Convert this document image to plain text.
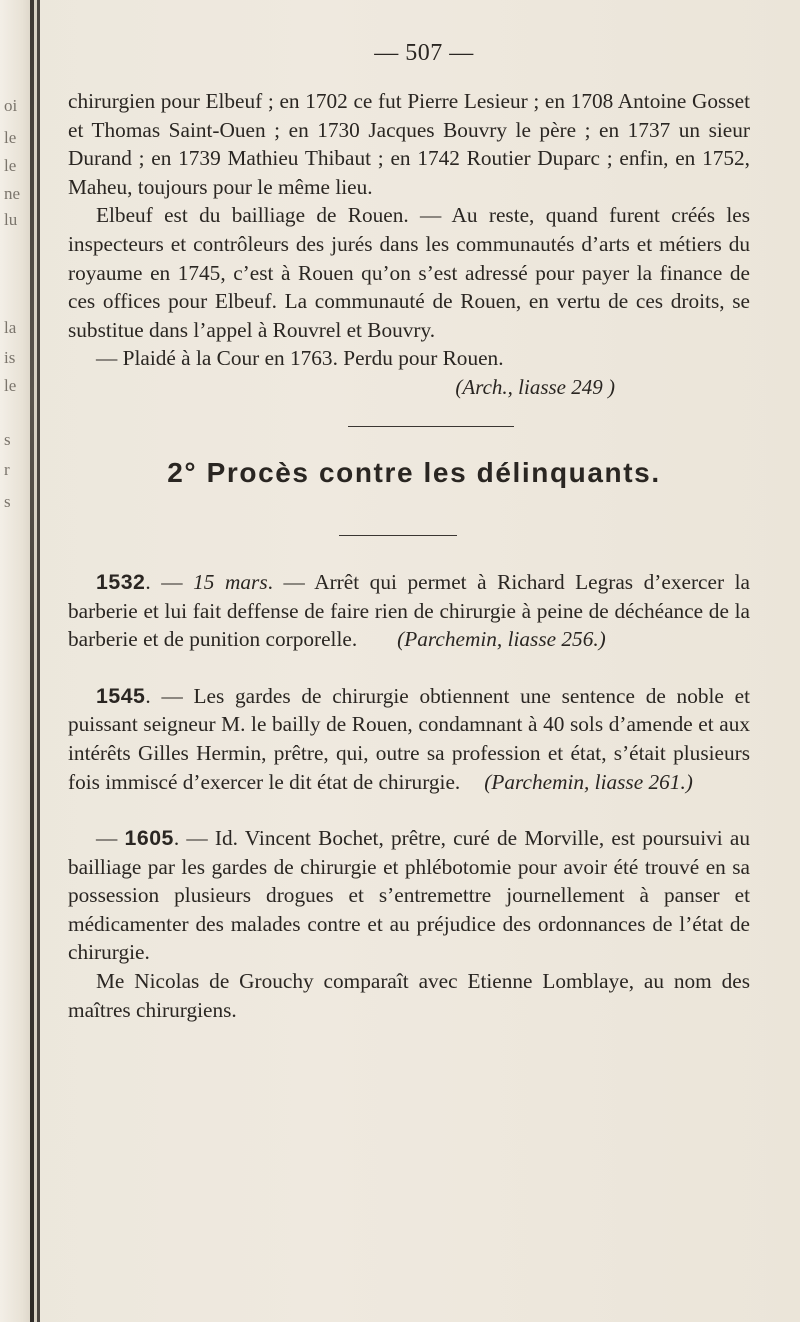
oi
le
le
ne
lu
la
is
le
s
r
s
— 507 —

chirurgien pour Elbeuf ; en 1702 ce fut Pierre Lesieur ; en 1708 Antoine Gosset et Thomas Saint-Ouen ; en 1730 Jacques Bouvry le père ; en 1737 un sieur Durand ; en 1739 Mathieu Thibaut ; en 1742 Routier Duparc ; enfin, en 1752, Maheu, toujours pour le même lieu.

Elbeuf est du bailliage de Rouen. — Au reste, quand furent créés les inspecteurs et contrôleurs des jurés dans les communautés d’arts et métiers du royaume en 1745, c’est à Rouen qu’on s’est adressé pour payer la finance de ces offices pour Elbeuf. La communauté de Rouen, en vertu de ces droits, se substitue dans l’appel à Rouvrel et Bouvry.

— Plaidé à la Cour en 1763. Perdu pour Rouen.

(Arch., liasse 249 )
2° Procès contre les délinquants.

1532. — 15 mars. — Arrêt qui permet à Richard Legras d’exercer la barberie et lui fait deffense de faire rien de chirurgie à peine de déchéance de la barberie et de punition corporelle. (Parchemin, liasse 256.)

1545. — Les gardes de chirurgie obtiennent une sentence de noble et puissant seigneur M. le bailly de Rouen, condamnant à 40 sols d’amende et aux intérêts Gilles Hermin, prêtre, qui, outre sa profession et état, s’était plusieurs fois immiscé d’exercer le dit état de chirurgie. (Parchemin, liasse 261.)

— 1605. — Id. Vincent Bochet, prêtre, curé de Morville, est poursuivi au bailliage par les gardes de chirurgie et phlébotomie pour avoir été trouvé en sa possession plusieurs drogues et s’entremettre journellement à panser et médicamenter des malades contre et au préjudice des ordonnances de l’état de chirurgie.

Me Nicolas de Grouchy comparaît avec Etienne Lomblaye, au nom des maîtres chirurgiens.
